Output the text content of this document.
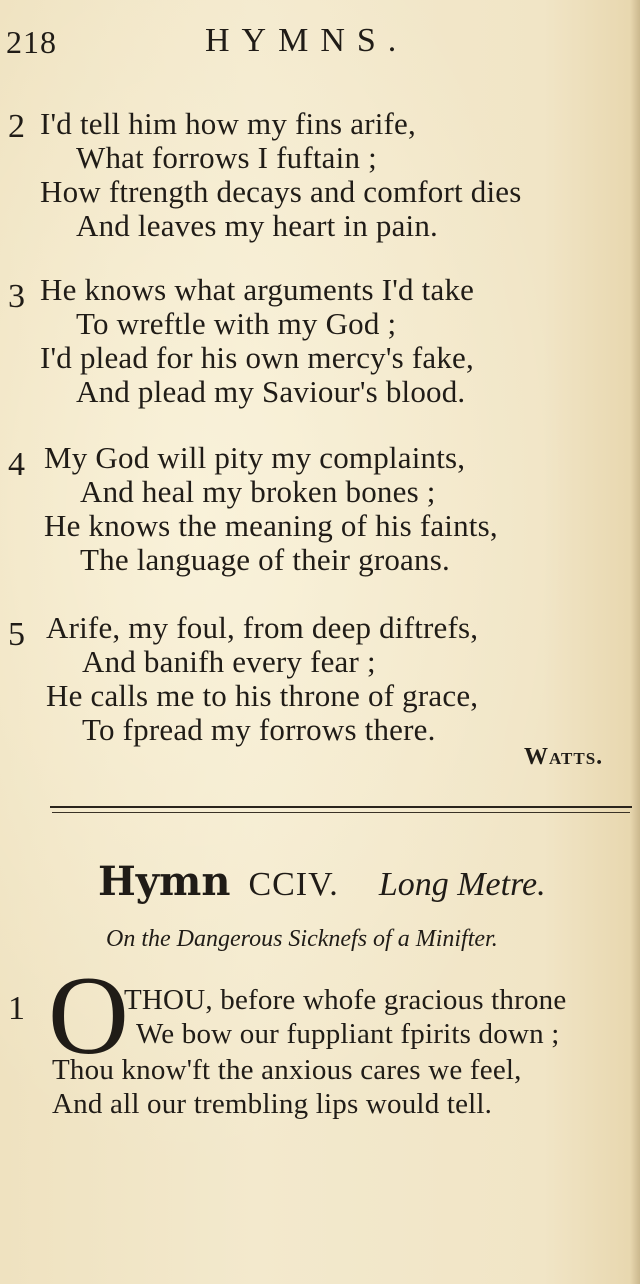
218	HYMNS.
2 I'd tell him how my fins arife,
What forrows I fuftain ;
How ftrength decays and comfort dies
And leaves my heart in pain.
3 He knows what arguments I'd take
To wreftle with my God ;
I'd plead for his own mercy's fake,
And plead my Saviour's blood.
4 My God will pity my complaints,
And heal my broken bones ;
He knows the meaning of his faints,
The language of their groans.
5 Arife, my foul, from deep diftrefs,
And banifh every fear ;
He calls me to his throne of grace,
To fpread my forrows there.
Watts.
Hymn CCIV. Long Metre.
On the Dangerous Sicknefs of a Minifter.
1 O
THOU, before whofe gracious throne
We bow our fuppliant fpirits down ;
Thou know'ft the anxious cares we feel,
And all our trembling lips would tell.
